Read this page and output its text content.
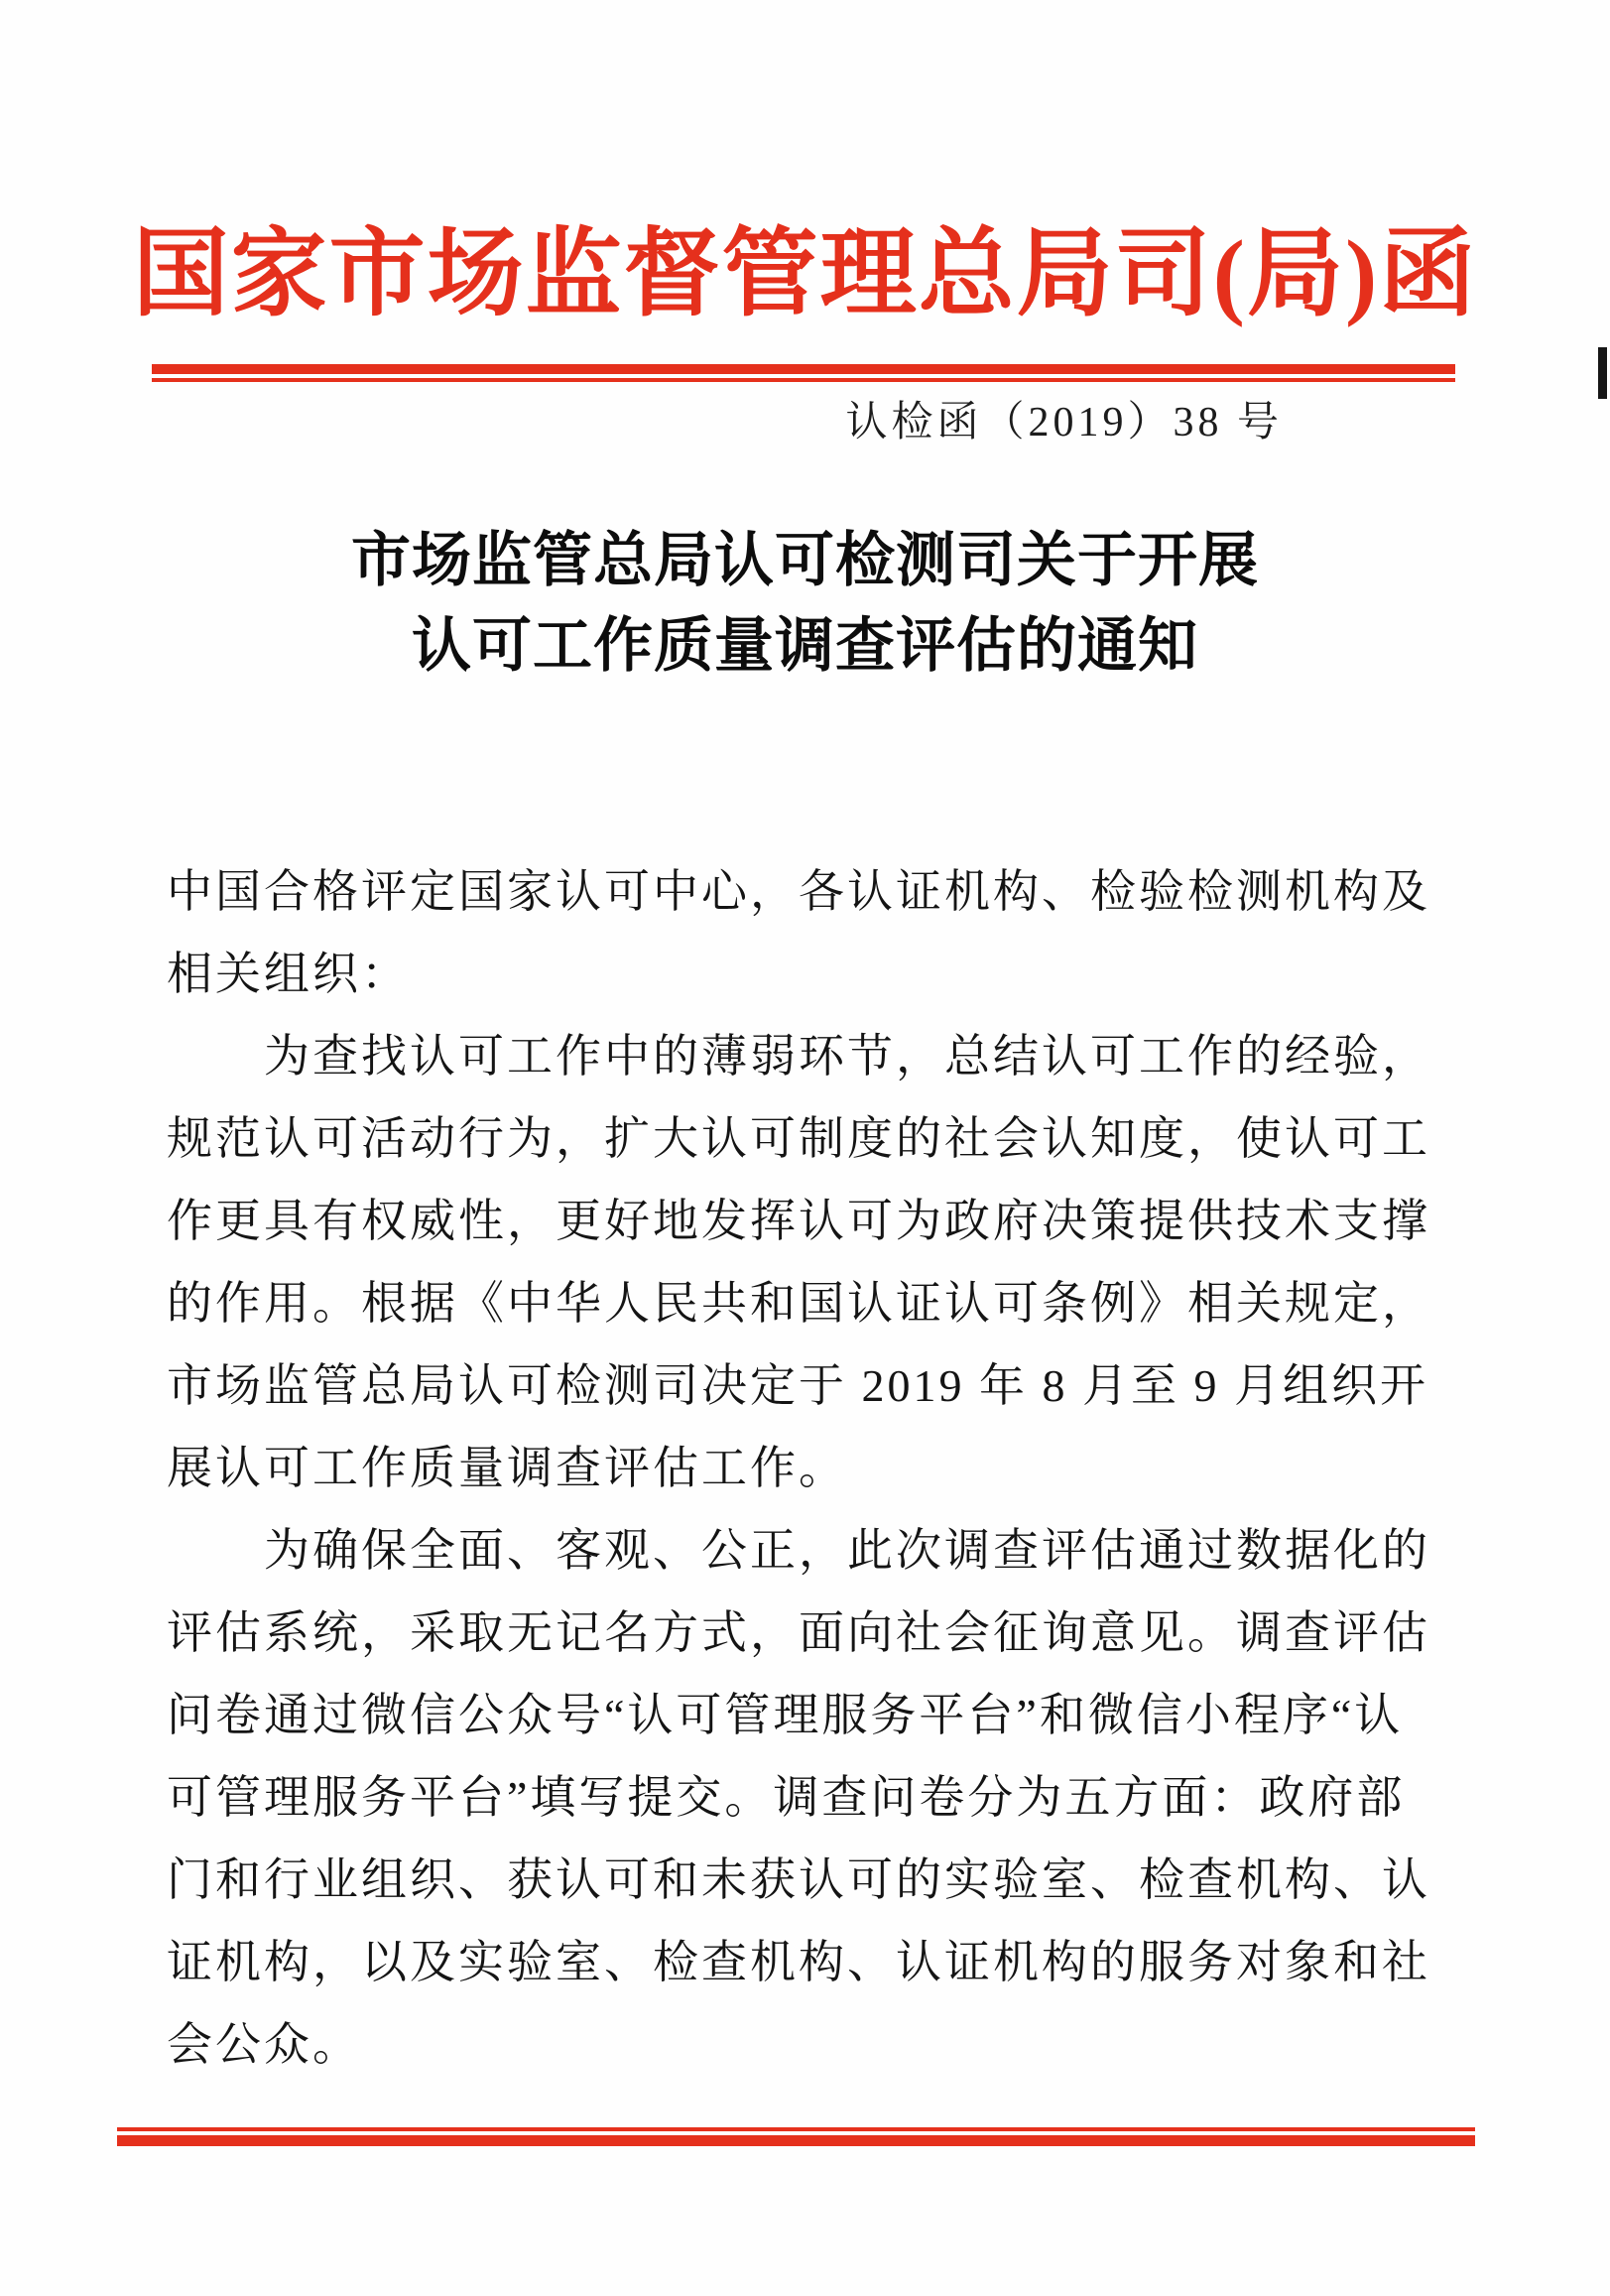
国家市场监督管理总局司(局)函
认检函（2019）38 号
市场监管总局认可检测司关于开展
认可工作质量调查评估的通知
中国合格评定国家认可中心，各认证机构、检验检测机构及
相关组织：
为查找认可工作中的薄弱环节，总结认可工作的经验，
规范认可活动行为，扩大认可制度的社会认知度，使认可工
作更具有权威性，更好地发挥认可为政府决策提供技术支撑
的作用。根据《中华人民共和国认证认可条例》相关规定，
市场监管总局认可检测司决定于 2019 年 8 月至 9 月组织开
展认可工作质量调查评估工作。
为确保全面、客观、公正，此次调查评估通过数据化的
评估系统，采取无记名方式，面向社会征询意见。调查评估
问卷通过微信公众号“认可管理服务平台”和微信小程序“认
可管理服务平台”填写提交。调查问卷分为五方面：政府部
门和行业组织、获认可和未获认可的实验室、检查机构、认
证机构，以及实验室、检查机构、认证机构的服务对象和社
会公众。
